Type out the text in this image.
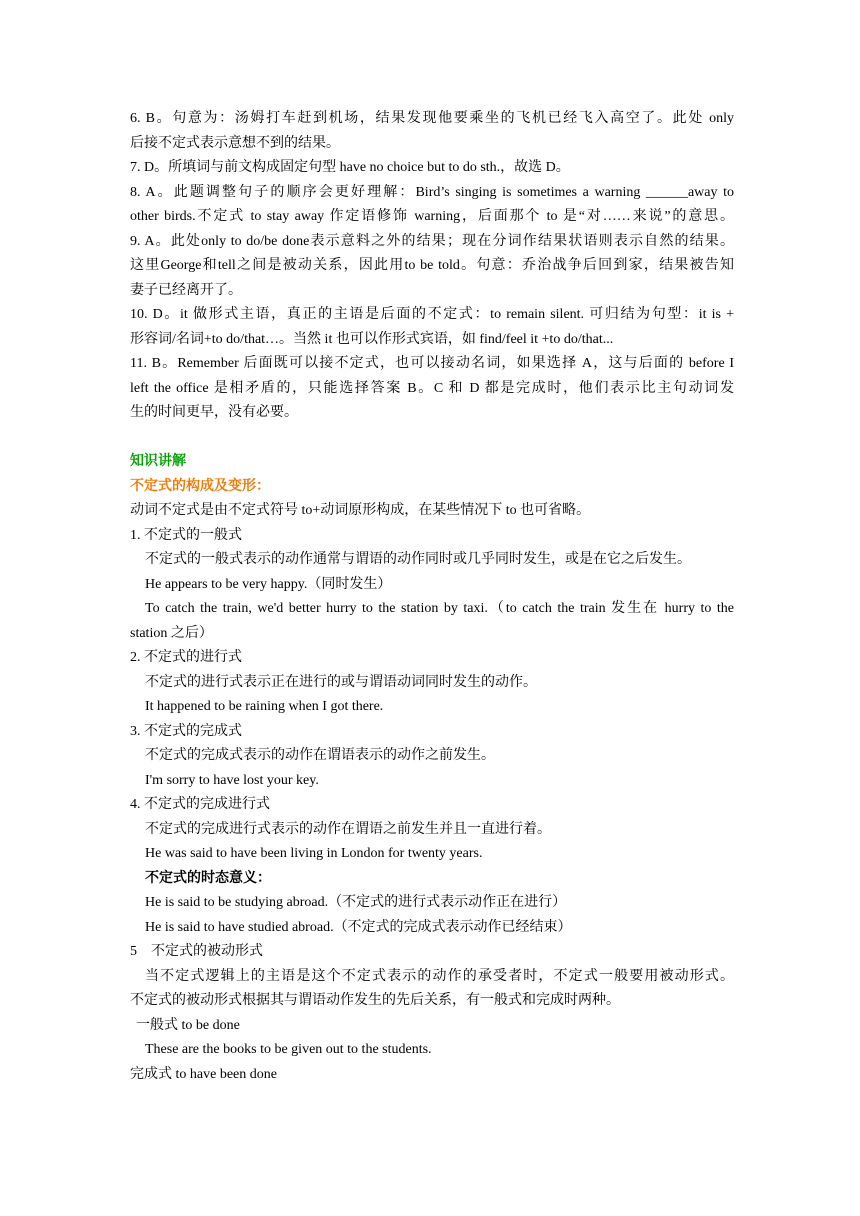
6. B。句意为：汤姆打车赶到机场，结果发现他要乘坐的飞机已经飞入高空了。此处 only
后接不定式表示意想不到的结果。
7. D。所填词与前文构成固定句型 have no choice but to do sth.，故选 D。
8. A。此题调整句子的顺序会更好理解：Bird’s singing is sometimes a warning ______away to
other birds.不定式 to stay away 作定语修饰 warning，后面那个 to 是“对……来说”的意思。
9. A。此处only to do/be done表示意料之外的结果；现在分词作结果状语则表示自然的结果。
这里George和tell之间是被动关系，因此用to be told。句意：乔治战争后回到家，结果被告知
妻子已经离开了。
10. D。it 做形式主语，真正的主语是后面的不定式：to remain silent. 可归结为句型：it is +
形容词/名词+to do/that…。当然 it 也可以作形式宾语，如 find/feel it +to do/that...
11. B。Remember 后面既可以接不定式，也可以接动名词，如果选择 A，这与后面的 before I
left the office 是相矛盾的，只能选择答案 B。C 和 D 都是完成时，他们表示比主句动词发
生的时间更早，没有必要。
知识讲解
不定式的构成及变形：
动词不定式是由不定式符号 to+动词原形构成，在某些情况下 to 也可省略。
1. 不定式的一般式
不定式的一般式表示的动作通常与谓语的动作同时或几乎同时发生，或是在它之后发生。
He appears to be very happy.（同时发生）
To catch the train, we'd better hurry to the station by taxi.（to catch the train 发生在 hurry to the
station 之后）
2. 不定式的进行式
不定式的进行式表示正在进行的或与谓语动词同时发生的动作。
It happened to be raining when I got there.
3. 不定式的完成式
不定式的完成式表示的动作在谓语表示的动作之前发生。
I'm sorry to have lost your key.
4. 不定式的完成进行式
不定式的完成进行式表示的动作在谓语之前发生并且一直进行着。
He was said to have been living in London for twenty years.
不定式的时态意义：
He is said to be studying abroad.（不定式的进行式表示动作正在进行）
He is said to have studied abroad.（不定式的完成式表示动作已经结束）
5　不定式的被动形式
当不定式逻辑上的主语是这个不定式表示的动作的承受者时，不定式一般要用被动形式。
不定式的被动形式根据其与谓语动作发生的先后关系，有一般式和完成时两种。
一般式 to be done
These are the books to be given out to the students.
完成式 to have been done
